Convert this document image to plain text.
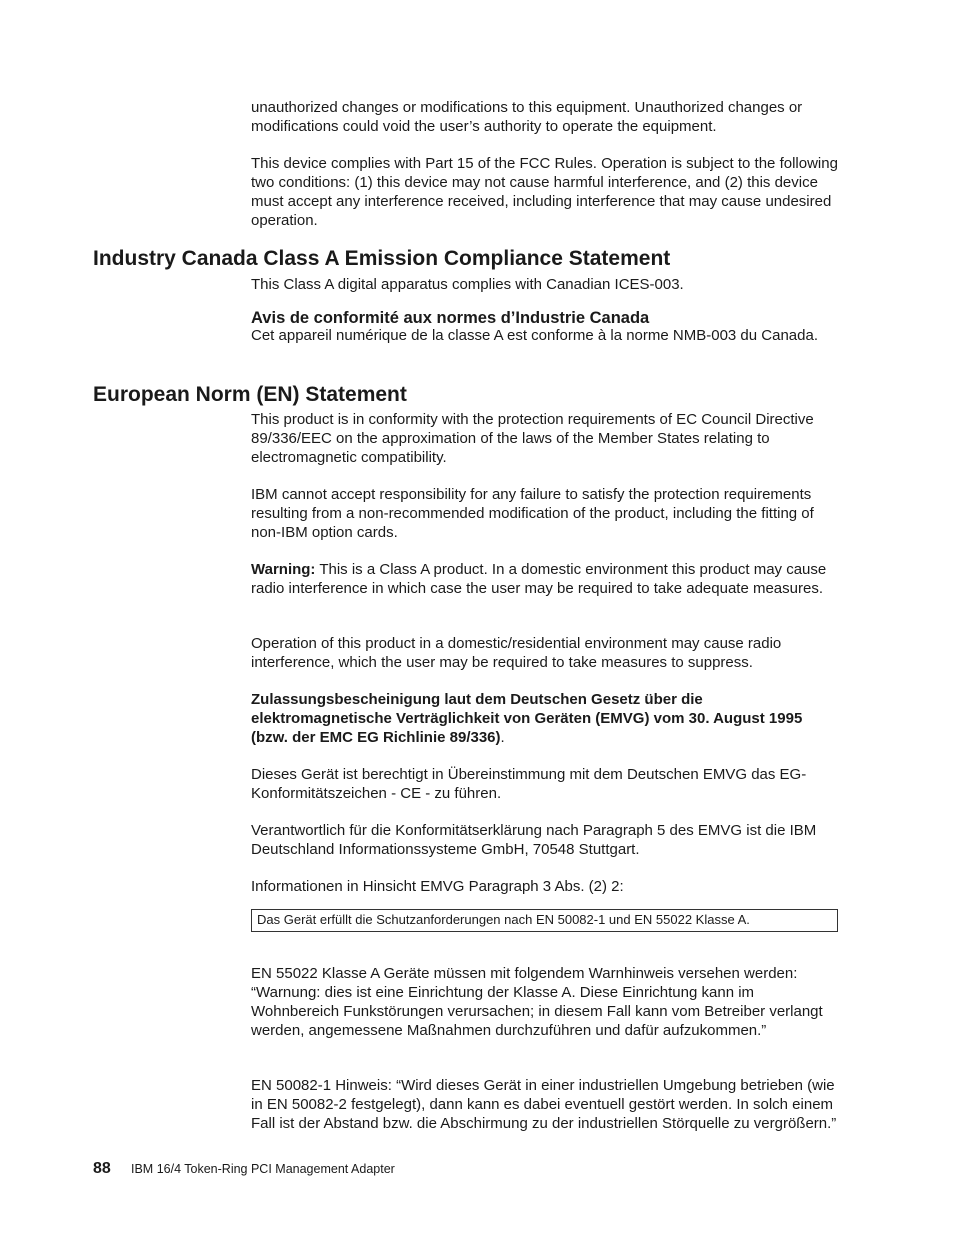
unauthorized changes or modifications to this equipment. Unauthorized changes or modifications could void the user’s authority to operate the equipment.

This device complies with Part 15 of the FCC Rules. Operation is subject to the following two conditions: (1) this device may not cause harmful interference, and (2) this device must accept any interference received, including interference that may cause undesired operation.

Industry Canada Class A Emission Compliance Statement

This Class A digital apparatus complies with Canadian ICES-003.

Avis de conformité aux normes d’Industrie Canada

Cet appareil numérique de la classe A est conforme à la norme NMB-003 du Canada.

European Norm (EN) Statement

This product is in conformity with the protection requirements of EC Council Directive 89/336/EEC on the approximation of the laws of the Member States relating to electromagnetic compatibility.

IBM cannot accept responsibility for any failure to satisfy the protection requirements resulting from a non-recommended modification of the product, including the fitting of non-IBM option cards.

Warning: This is a Class A product. In a domestic environment this product may cause radio interference in which case the user may be required to take adequate measures.

Operation of this product in a domestic/residential environment may cause radio interference, which the user may be required to take measures to suppress.

Zulassungsbescheinigung laut dem Deutschen Gesetz über die elektromagnetische Verträglichkeit von Geräten (EMVG) vom 30. August 1995 (bzw. der EMC EG Richlinie 89/336).

Dieses Gerät ist berechtigt in Übereinstimmung mit dem Deutschen EMVG das EG-Konformitätszeichen - CE - zu führen.

Verantwortlich für die Konformitätserklärung nach Paragraph 5 des EMVG ist die IBM Deutschland Informationssysteme GmbH, 70548 Stuttgart.

Informationen in Hinsicht EMVG Paragraph 3 Abs. (2) 2:

Das Gerät erfüllt die Schutzanforderungen nach EN 50082-1 und EN 55022 Klasse A.

EN 55022 Klasse A Geräte müssen mit folgendem Warnhinweis versehen werden: “Warnung: dies ist eine Einrichtung der Klasse A. Diese Einrichtung kann im Wohnbereich Funkstörungen verursachen; in diesem Fall kann vom Betreiber verlangt werden, angemessene Maßnahmen durchzuführen und dafür aufzukommen.”

EN 50082-1 Hinweis: “Wird dieses Gerät in einer industriellen Umgebung betrieben (wie in EN 50082-2 festgelegt), dann kann es dabei eventuell gestört werden. In solch einem Fall ist der Abstand bzw. die Abschirmung zu der industriellen Störquelle zu vergrößern.”

88 IBM 16/4 Token-Ring PCI Management Adapter
